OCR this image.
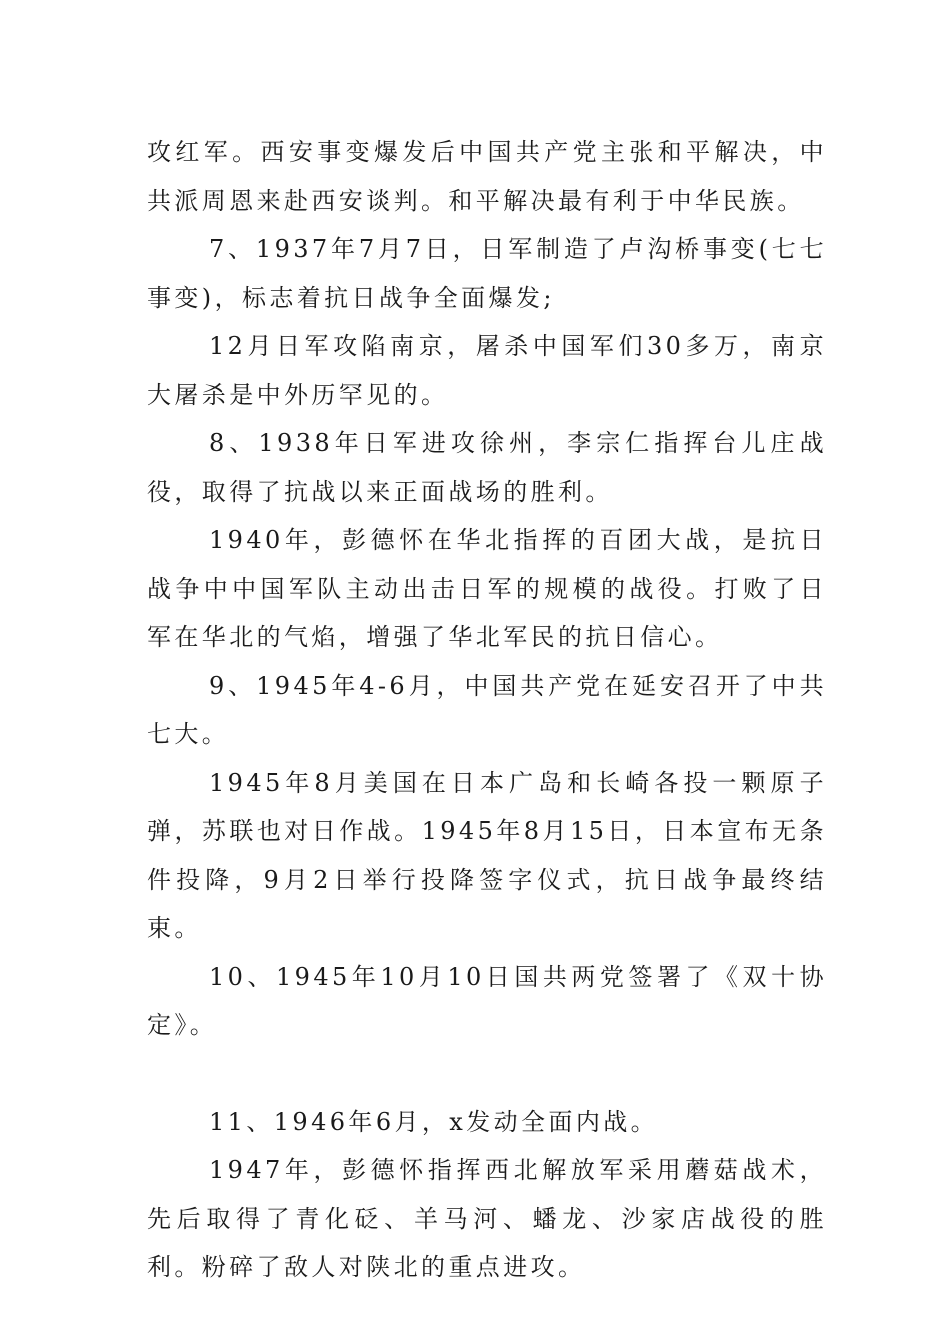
攻红军。西安事变爆发后中国共产党主张和平解决，中共派周恩来赴西安谈判。和平解决最有利于中华民族。

7、1937年7月7日，日军制造了卢沟桥事变(七七事变)，标志着抗日战争全面爆发;

12月日军攻陷南京，屠杀中国军们30多万，南京大屠杀是中外历罕见的。

8、1938年日军进攻徐州，李宗仁指挥台儿庄战役，取得了抗战以来正面战场的胜利。

1940年，彭德怀在华北指挥的百团大战，是抗日战争中中国军队主动出击日军的规模的战役。打败了日军在华北的气焰，增强了华北军民的抗日信心。

9、1945年4-6月，中国共产党在延安召开了中共七大。

1945年8月美国在日本广岛和长崎各投一颗原子弹，苏联也对日作战。1945年8月15日，日本宣布无条件投降，9月2日举行投降签字仪式，抗日战争最终结束。

10、1945年10月10日国共两党签署了《双十协定》。

11、1946年6月，x发动全面内战。

1947年，彭德怀指挥西北解放军采用蘑菇战术，先后取得了青化砭、羊马河、蟠龙、沙家店战役的胜利。粉碎了敌人对陕北的重点进攻。
